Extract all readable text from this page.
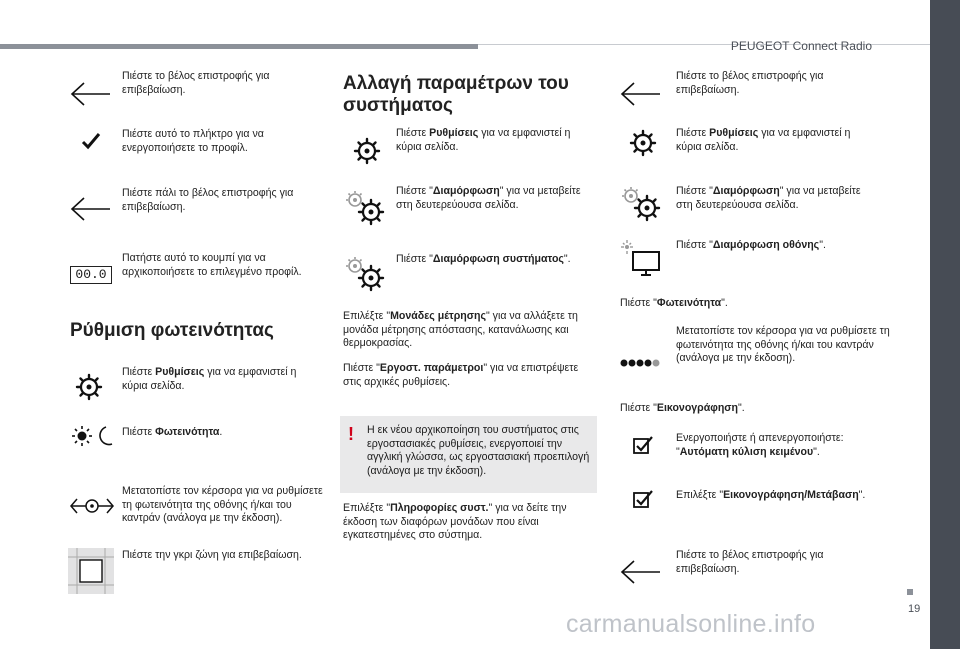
PEUGEOT Connect Radio
Πιέστε το βέλος επιστροφής για επιβεβαίωση.
Πιέστε αυτό το πλήκτρο για να ενεργοποιήσετε το προφίλ.
Πιέστε πάλι το βέλος επιστροφής για επιβεβαίωση.
00.0
Πατήστε αυτό το κουμπί για να αρχικοποιήσετε το επιλεγμένο προφίλ.
Ρύθμιση φωτεινότητας
Πιέστε Ρυθμίσεις για να εμφανιστεί η κύρια σελίδα.
Πιέστε Φωτεινότητα.
Μετατοπίστε τον κέρσορα για να ρυθμίσετε τη φωτεινότητα της οθόνης ή/και του καντράν (ανάλογα με την έκδοση).
Πιέστε την γκρι ζώνη για επιβεβαίωση.
Αλλαγή παραμέτρων του συστήματος
Πιέστε Ρυθμίσεις για να εμφανιστεί η κύρια σελίδα.
Πιέστε "Διαμόρφωση" για να μεταβείτε στη δευτερεύουσα σελίδα.
Πιέστε "Διαμόρφωση συστήματος".
Επιλέξτε "Μονάδες μέτρησης" για να αλλάξετε τη μονάδα μέτρησης απόστασης, κατανάλωσης και θερμοκρασίας.
Πιέστε "Εργοστ. παράμετροι" για να επιστρέψετε στις αρχικές ρυθμίσεις.
! Η εκ νέου αρχικοποίηση του συστήματος στις εργοστασιακές ρυθμίσεις, ενεργοποιεί την αγγλική γλώσσα, ως εργοστασιακή προεπιλογή (ανάλογα με την έκδοση).
Επιλέξτε "Πληροφορίες συστ." για να δείτε την έκδοση των διαφόρων μονάδων που είναι εγκατεστημένες στο σύστημα.
Πιέστε το βέλος επιστροφής για επιβεβαίωση.
Πιέστε Ρυθμίσεις για να εμφανιστεί η κύρια σελίδα.
Πιέστε "Διαμόρφωση" για να μεταβείτε στη δευτερεύουσα σελίδα.
Πιέστε "Διαμόρφωση οθόνης".
Πιέστε "Φωτεινότητα".
Μετατοπίστε τον κέρσορα για να ρυθμίσετε τη φωτεινότητα της οθόνης ή/και του καντράν (ανάλογα με την έκδοση).
Πιέστε "Εικονογράφηση".
Ενεργοποιήστε ή απενεργοποιήστε: "Αυτόματη κύλιση κειμένου".
Επιλέξτε "Εικονογράφηση/Μετάβαση".
Πιέστε το βέλος επιστροφής για επιβεβαίωση.
19
carmanualsonline.info
